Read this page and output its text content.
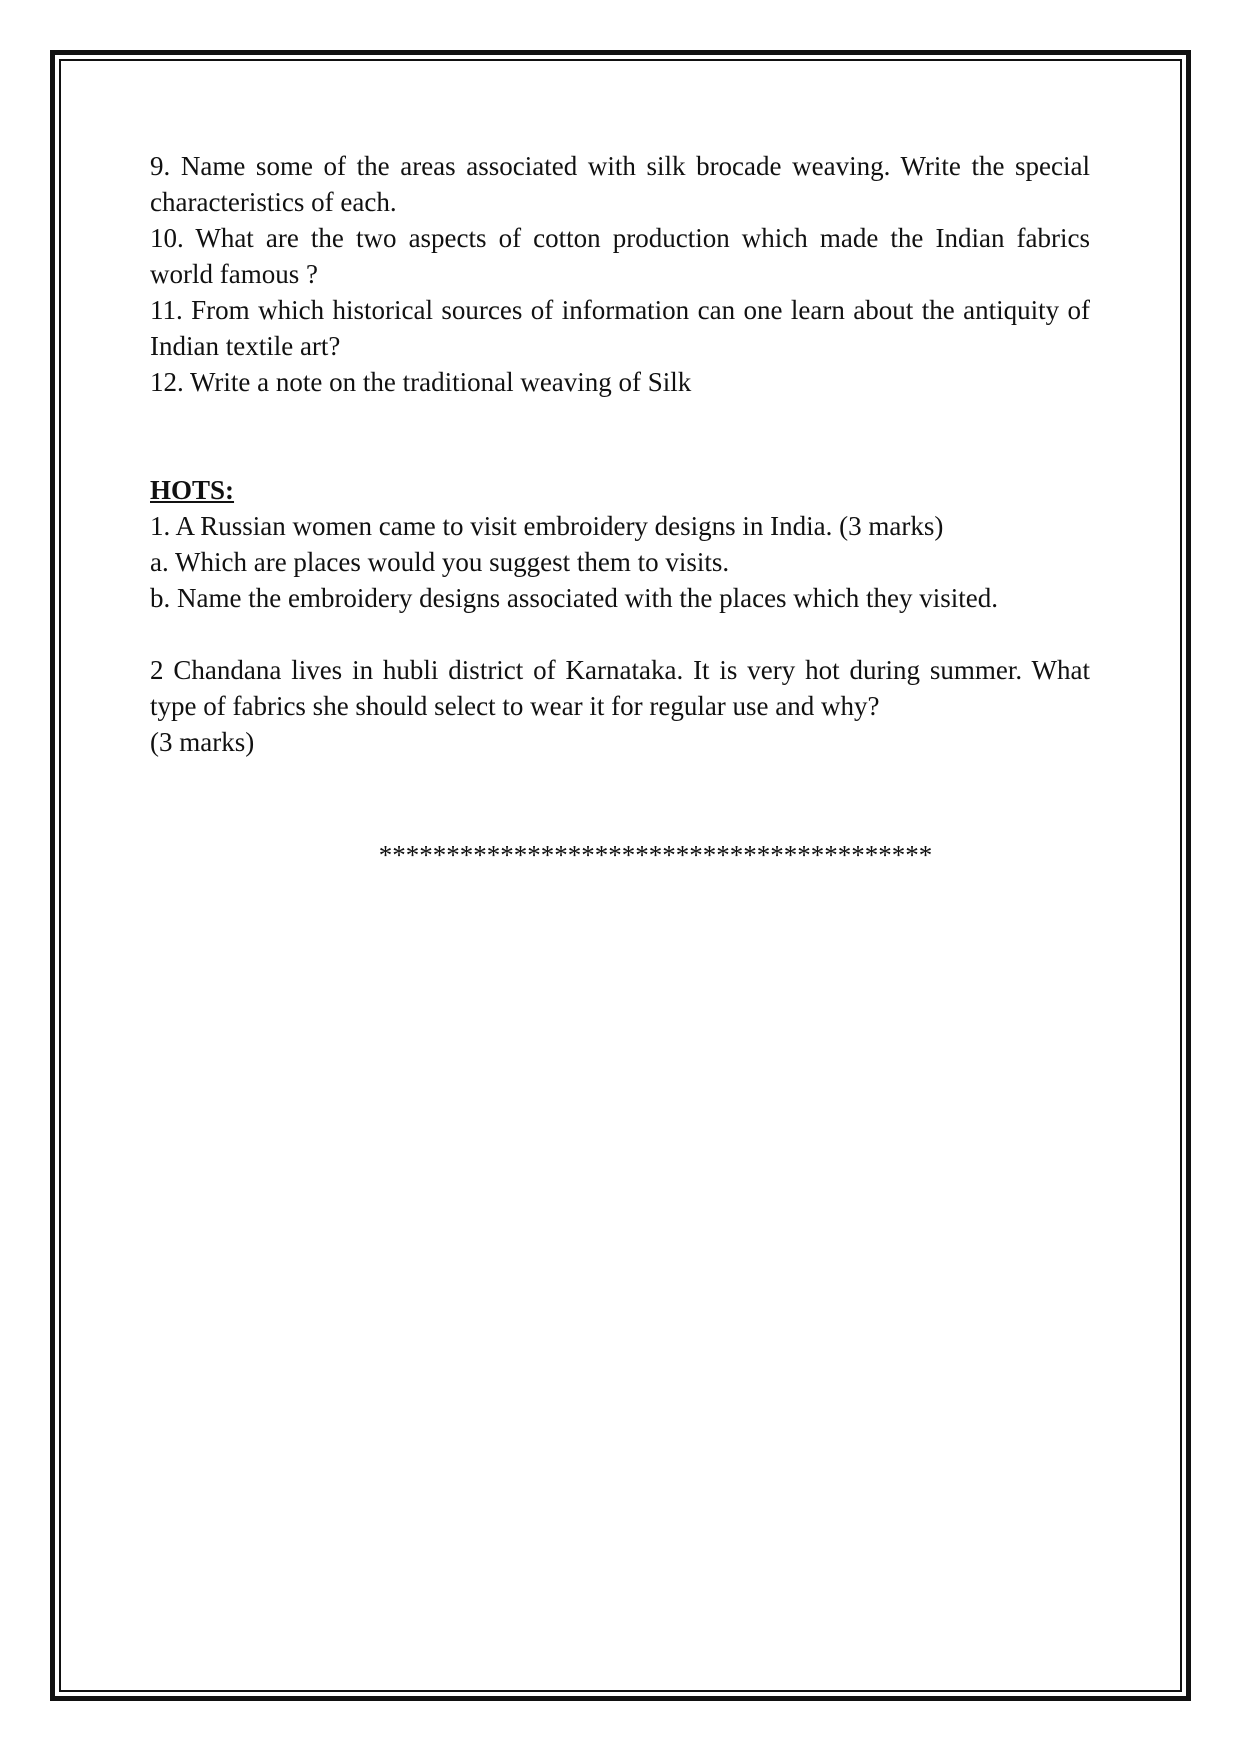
9. Name some of the areas associated with silk brocade weaving. Write the special characteristics of each.

10. What are the two aspects of cotton production which made the Indian fabrics world famous ?

11. From which historical sources of information can one learn about the antiquity of Indian textile art?

12. Write a note on the traditional weaving of Silk

HOTS:

1. A Russian women came to visit embroidery designs in India. (3 marks)

a. Which are places would you suggest them to visits.

b. Name the embroidery designs associated with the places which they visited.

2 Chandana lives in hubli district of Karnataka. It is very hot during summer. What type of fabrics she should select to wear it for regular use and why?

(3 marks)

*****************************************
